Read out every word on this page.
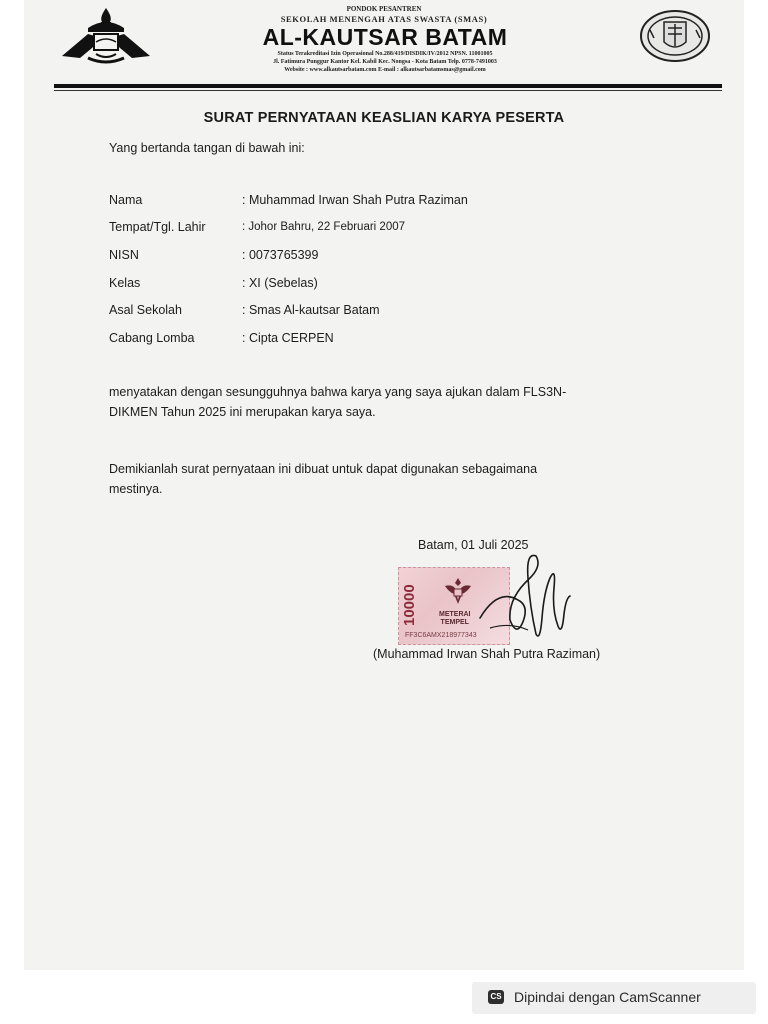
PONDOK PESANTREN
SEKOLAH MENENGAH ATAS SWASTA (SMAS)
AL-KAUTSAR BATAM
Status Terakreditasi Izin Operasional No.288/419/DISDIK/IV/2012 NPSN. 11001005
Jl. Fatimura Punggur Kantor Kel. Kabil Kec. Nongsa - Kota Batam Telp. 0778-7491003
Website : www.alkautsarbatam.com E-mail : alkautsarbatamsmas@gmail.com
SURAT PERNYATAAN KEASLIAN KARYA PESERTA
Yang bertanda tangan di bawah ini:
Nama	: Muhammad Irwan Shah Putra Raziman
Tempat/Tgl. Lahir	: Johor Bahru, 22 Februari 2007
NISN	: 0073765399
Kelas	: XI (Sebelas)
Asal Sekolah	: Smas Al-kautsar Batam
Cabang Lomba	: Cipta CERPEN
menyatakan dengan sesungguhnya bahwa karya yang saya ajukan dalam FLS3N-
DIKMEN Tahun 2025 ini merupakan karya saya.
Demikianlah surat pernyataan ini dibuat untuk dapat digunakan sebagaimana
mestinya.
Batam, 01 Juli 2025
10000	METERAI
TEMPEL
FF3C6AMX218977343
(Muhammad Irwan Shah Putra Raziman)
CS Dipindai dengan CamScanner
